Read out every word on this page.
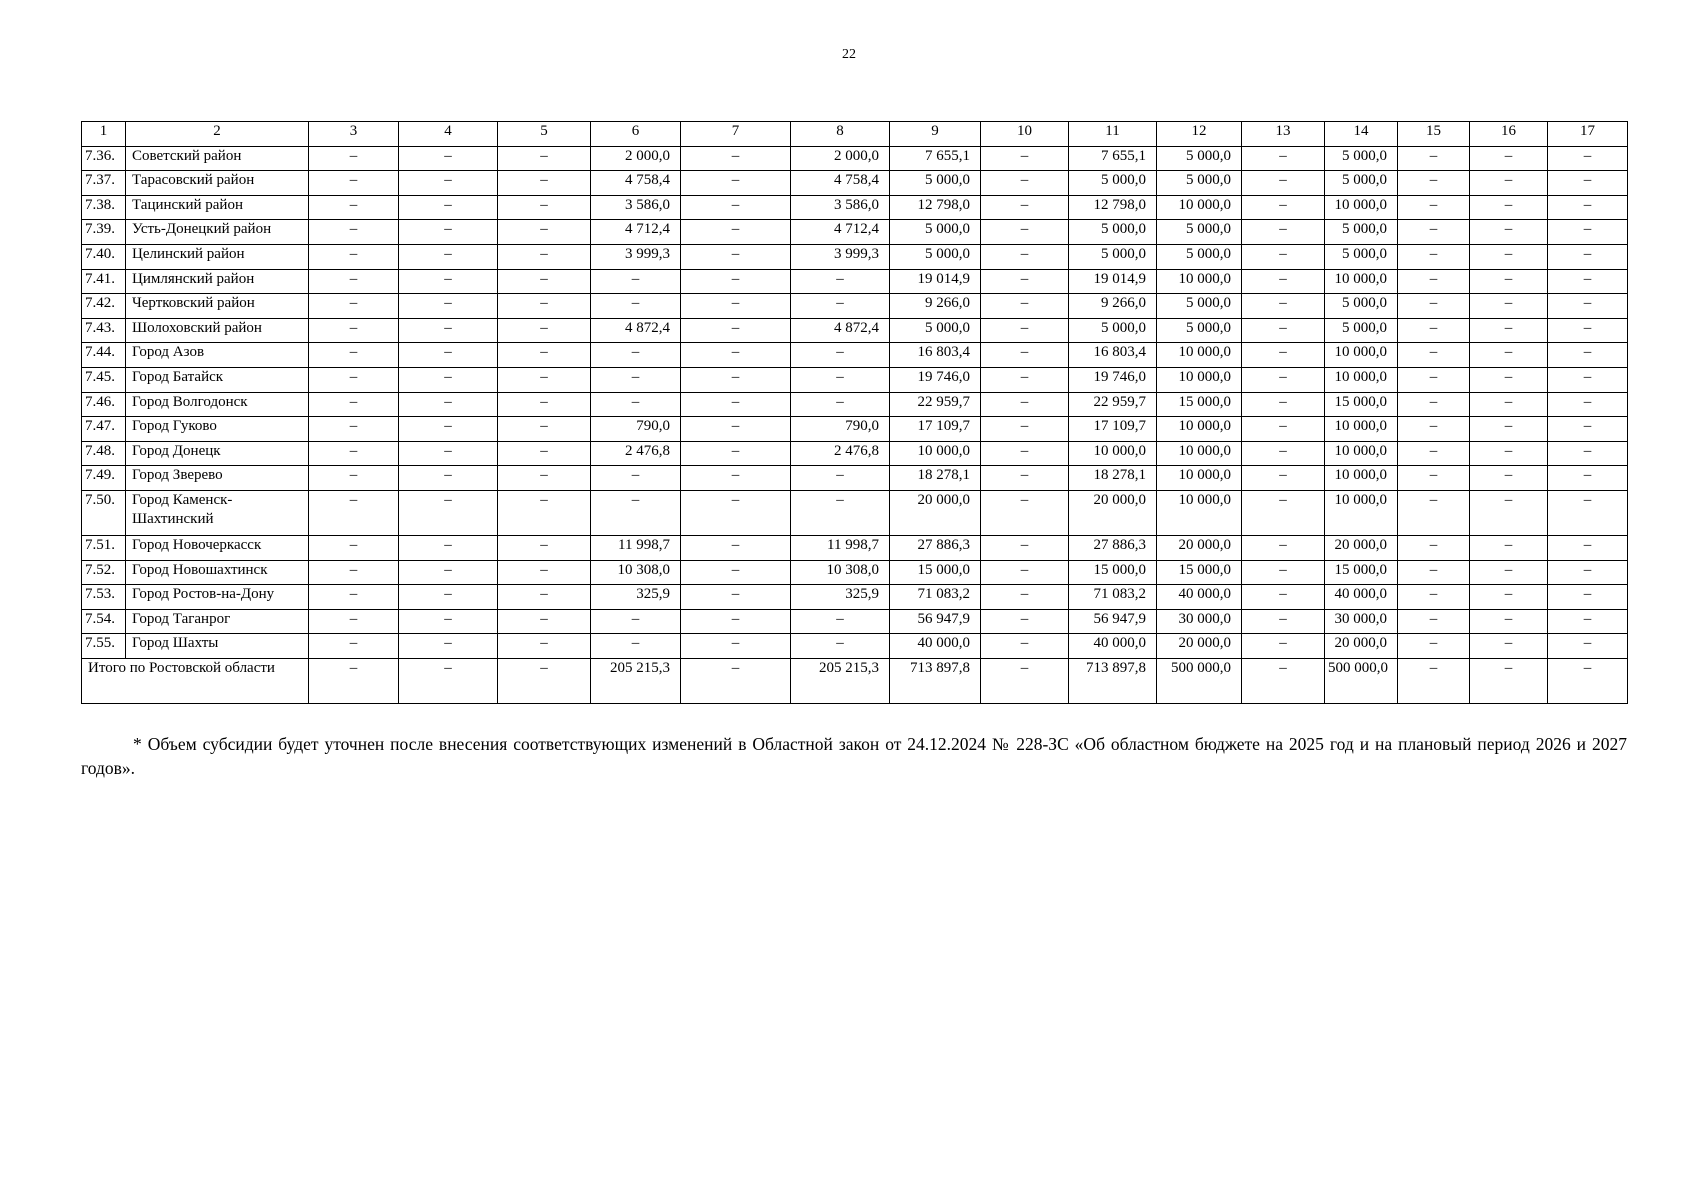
22
1	2	3	4	5	6	7	8	9	10	11	12	13	14	15	16	17
7.36.	Советский район	–	–	–	2 000,0	–	2 000,0	7 655,1	–	7 655,1	5 000,0	–	5 000,0	–	–	–
7.37.	Тарасовский район	–	–	–	4 758,4	–	4 758,4	5 000,0	–	5 000,0	5 000,0	–	5 000,0	–	–	–
7.38.	Тацинский район	–	–	–	3 586,0	–	3 586,0	12 798,0	–	12 798,0	10 000,0	–	10 000,0	–	–	–
7.39.	Усть-Донецкий район	–	–	–	4 712,4	–	4 712,4	5 000,0	–	5 000,0	5 000,0	–	5 000,0	–	–	–
7.40.	Целинский район	–	–	–	3 999,3	–	3 999,3	5 000,0	–	5 000,0	5 000,0	–	5 000,0	–	–	–
7.41.	Цимлянский район	–	–	–	–	–	–	19 014,9	–	19 014,9	10 000,0	–	10 000,0	–	–	–
7.42.	Чертковский район	–	–	–	–	–	–	9 266,0	–	9 266,0	5 000,0	–	5 000,0	–	–	–
7.43.	Шолоховский район	–	–	–	4 872,4	–	4 872,4	5 000,0	–	5 000,0	5 000,0	–	5 000,0	–	–	–
7.44.	Город Азов	–	–	–	–	–	–	16 803,4	–	16 803,4	10 000,0	–	10 000,0	–	–	–
7.45.	Город Батайск	–	–	–	–	–	–	19 746,0	–	19 746,0	10 000,0	–	10 000,0	–	–	–
7.46.	Город Волгодонск	–	–	–	–	–	–	22 959,7	–	22 959,7	15 000,0	–	15 000,0	–	–	–
7.47.	Город Гуково	–	–	–	790,0	–	790,0	17 109,7	–	17 109,7	10 000,0	–	10 000,0	–	–	–
7.48.	Город Донецк	–	–	–	2 476,8	–	2 476,8	10 000,0	–	10 000,0	10 000,0	–	10 000,0	–	–	–
7.49.	Город Зверево	–	–	–	–	–	–	18 278,1	–	18 278,1	10 000,0	–	10 000,0	–	–	–
7.50.	Город Каменск-Шахтинский	–	–	–	–	–	–	20 000,0	–	20 000,0	10 000,0	–	10 000,0	–	–	–
7.51.	Город Новочеркасск	–	–	–	11 998,7	–	11 998,7	27 886,3	–	27 886,3	20 000,0	–	20 000,0	–	–	–
7.52.	Город Новошахтинск	–	–	–	10 308,0	–	10 308,0	15 000,0	–	15 000,0	15 000,0	–	15 000,0	–	–	–
7.53.	Город Ростов-на-Дону	–	–	–	325,9	–	325,9	71 083,2	–	71 083,2	40 000,0	–	40 000,0	–	–	–
7.54.	Город Таганрог	–	–	–	–	–	–	56 947,9	–	56 947,9	30 000,0	–	30 000,0	–	–	–
7.55.	Город Шахты	–	–	–	–	–	–	40 000,0	–	40 000,0	20 000,0	–	20 000,0	–	–	–
Итого по Ростовской области		–	–	–	205 215,3	–	205 215,3	713 897,8	–	713 897,8	500 000,0	–	500 000,0	–	–	–
* Объем субсидии будет уточнен после внесения соответствующих изменений в Областной закон от 24.12.2024 № 228-ЗС «Об областном бюджете на 2025 год и на плановый период 2026 и 2027 годов».
